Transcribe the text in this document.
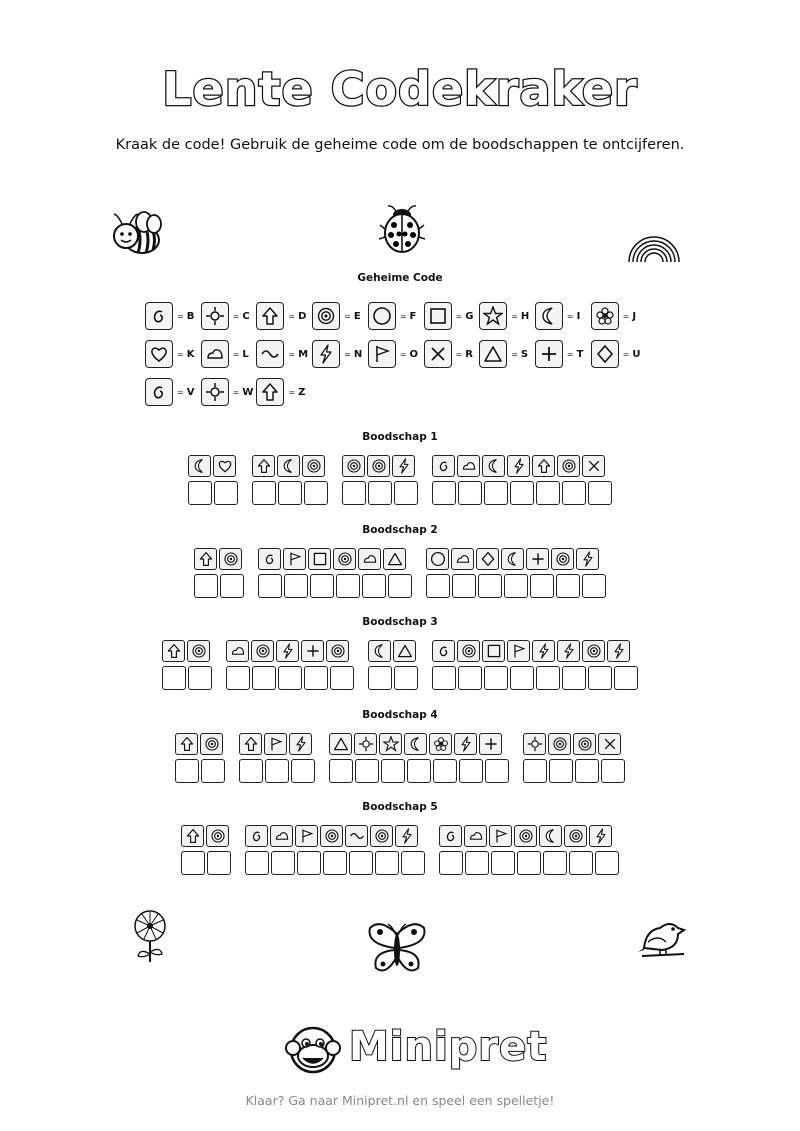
Lente Codekraker
Kraak de code! Gebruik de geheime code om de boodschappen te ontcijferen.
Geheime Code
= B	= C	= D	= E	= F	= G	= H	= I	= J
= K	= L	= M	= N	= O	= R	= S	= T	= U
= V	= W	= Z
Boodschap 1
Boodschap 2
Boodschap 3
Boodschap 4
Boodschap 5
Minipret
Klaar? Ga naar Minipret.nl en speel een spelletje!
